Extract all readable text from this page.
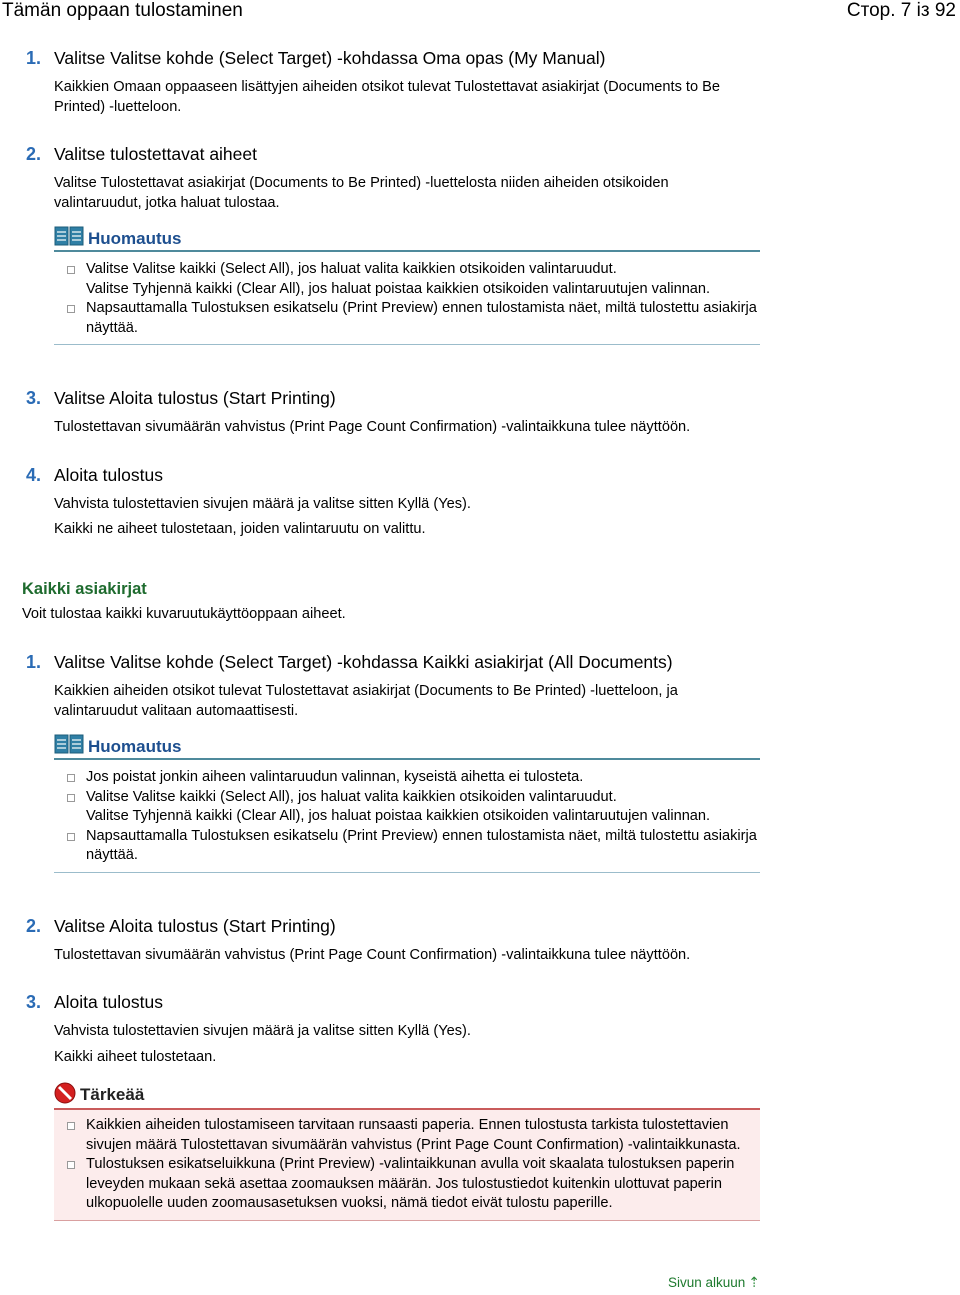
Tämän oppaan tulostaminen	Стор. 7 із 92
1. Valitse Valitse kohde (Select Target) -kohdassa Oma opas (My Manual)
Kaikkien Omaan oppaaseen lisättyjen aiheiden otsikot tulevat Tulostettavat asiakirjat (Documents to Be Printed) -luetteloon.
2. Valitse tulostettavat aiheet
Valitse Tulostettavat asiakirjat (Documents to Be Printed) -luettelosta niiden aiheiden otsikoiden valintaruudut, jotka haluat tulostaa.
Huomautus
Valitse Valitse kaikki (Select All), jos haluat valita kaikkien otsikoiden valintaruudut.
Valitse Tyhjennä kaikki (Clear All), jos haluat poistaa kaikkien otsikoiden valintaruutujen valinnan.
Napsauttamalla Tulostuksen esikatselu (Print Preview) ennen tulostamista näet, miltä tulostettu asiakirja näyttää.
3. Valitse Aloita tulostus (Start Printing)
Tulostettavan sivumäärän vahvistus (Print Page Count Confirmation) -valintaikkuna tulee näyttöön.
4. Aloita tulostus
Vahvista tulostettavien sivujen määrä ja valitse sitten Kyllä (Yes).
Kaikki ne aiheet tulostetaan, joiden valintaruutu on valittu.
Kaikki asiakirjat
Voit tulostaa kaikki kuvaruutukäyttöoppaan aiheet.
1. Valitse Valitse kohde (Select Target) -kohdassa Kaikki asiakirjat (All Documents)
Kaikkien aiheiden otsikot tulevat Tulostettavat asiakirjat (Documents to Be Printed) -luetteloon, ja valintaruudut valitaan automaattisesti.
Huomautus
Jos poistat jonkin aiheen valintaruudun valinnan, kyseistä aihetta ei tulosteta.
Valitse Valitse kaikki (Select All), jos haluat valita kaikkien otsikoiden valintaruudut.
Valitse Tyhjennä kaikki (Clear All), jos haluat poistaa kaikkien otsikoiden valintaruutujen valinnan.
Napsauttamalla Tulostuksen esikatselu (Print Preview) ennen tulostamista näet, miltä tulostettu asiakirja näyttää.
2. Valitse Aloita tulostus (Start Printing)
Tulostettavan sivumäärän vahvistus (Print Page Count Confirmation) -valintaikkuna tulee näyttöön.
3. Aloita tulostus
Vahvista tulostettavien sivujen määrä ja valitse sitten Kyllä (Yes).
Kaikki aiheet tulostetaan.
Tärkeää
Kaikkien aiheiden tulostamiseen tarvitaan runsaasti paperia. Ennen tulostusta tarkista tulostettavien sivujen määrä Tulostettavan sivumäärän vahvistus (Print Page Count Confirmation) -valintaikkunasta.
Tulostuksen esikatseluikkuna (Print Preview) -valintaikkunan avulla voit skaalata tulostuksen paperin leveyden mukaan sekä asettaa zoomauksen määrän. Jos tulostustiedot kuitenkin ulottuvat paperin ulkopuolelle uuden zoomausasetuksen vuoksi, nämä tiedot eivät tulostu paperille.
Sivun alkuun ⇡
